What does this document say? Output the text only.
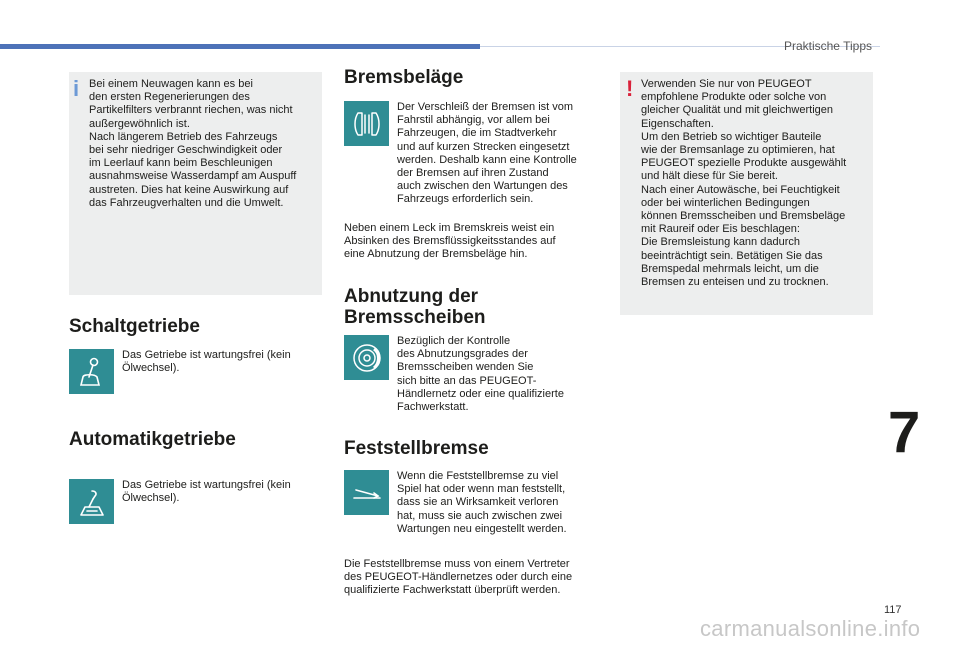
Praktische Tipps
i Bei einem Neuwagen kann es bei
den ersten Regenerierungen des
Partikelfilters verbrannt riechen, was nicht
außergewöhnlich ist.
Nach längerem Betrieb des Fahrzeugs
bei sehr niedriger Geschwindigkeit oder
im Leerlauf kann beim Beschleunigen
ausnahmsweise Wasserdampf am Auspuff
austreten. Dies hat keine Auswirkung auf
das Fahrzeugverhalten und die Umwelt.

Schaltgetriebe

Das Getriebe ist wartungsfrei (kein
Ölwechsel).

Automatikgetriebe

Das Getriebe ist wartungsfrei (kein
Ölwechsel).

Bremsbeläge

Der Verschleiß der Bremsen ist vom
Fahrstil abhängig, vor allem bei
Fahrzeugen, die im Stadtverkehr
und auf kurzen Strecken eingesetzt
werden. Deshalb kann eine Kontrolle
der Bremsen auf ihren Zustand
auch zwischen den Wartungen des
Fahrzeugs erforderlich sein.

Neben einem Leck im Bremskreis weist ein
Absinken des Bremsflüssigkeitsstandes auf
eine Abnutzung der Bremsbeläge hin.

Abnutzung der
Bremsscheiben

Bezüglich der Kontrolle
des Abnutzungsgrades der
Bremsscheiben wenden Sie
sich bitte an das PEUGEOT-
Händlernetz oder eine qualifizierte
Fachwerkstatt.

Feststellbremse

Wenn die Feststellbremse zu viel
Spiel hat oder wenn man feststellt,
dass sie an Wirksamkeit verloren
hat, muss sie auch zwischen zwei
Wartungen neu eingestellt werden.

Die Feststellbremse muss von einem Vertreter
des PEUGEOT-Händlernetzes oder durch eine
qualifizierte Fachwerkstatt überprüft werden.

! Verwenden Sie nur von PEUGEOT
empfohlene Produkte oder solche von
gleicher Qualität und mit gleichwertigen
Eigenschaften.
Um den Betrieb so wichtiger Bauteile
wie der Bremsanlage zu optimieren, hat
PEUGEOT spezielle Produkte ausgewählt
und hält diese für Sie bereit.
Nach einer Autowäsche, bei Feuchtigkeit
oder bei winterlichen Bedingungen
können Bremsscheiben und Bremsbeläge
mit Raureif oder Eis beschlagen:
Die Bremsleistung kann dadurch
beeinträchtigt sein. Betätigen Sie das
Bremspedal mehrmals leicht, um die
Bremsen zu enteisen und zu trocknen.

7
117
carmanualsonline.info
